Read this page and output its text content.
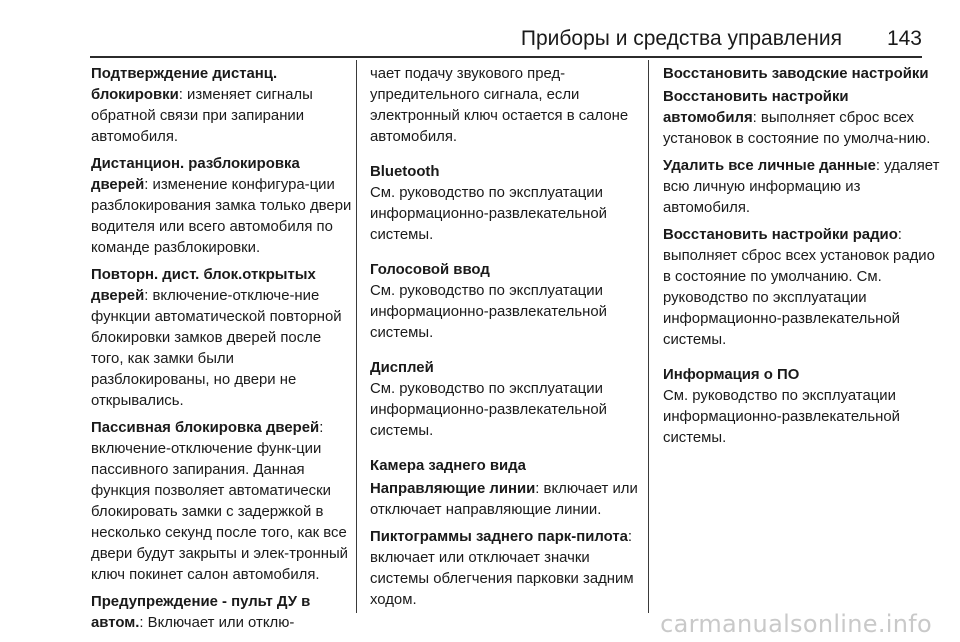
Приборы и средства управления 143

Подтверждение дистанц.
блокировки: изменяет сигналы обратной связи при запирании автомобиля.

Дистанцион. разблокировка
дверей: изменение конфигура-ции разблокирования замка только двери водителя или всего автомобиля по команде разблокировки.

Повторн. дист. блок.открытых
дверей: включение-отключе-ние функции автоматической повторной блокировки замков дверей после того, как замки были разблокированы, но двери не открывались.

Пассивная блокировка дверей: включение-отключение функ-ции пассивного запирания. Данная функция позволяет автоматически блокировать замки с задержкой в несколько секунд после того, как все двери будут закрыты и элек-тронный ключ покинет салон автомобиля.

Предупреждение - пульт ДУ в
автом.: Включает или отклю-

чает подачу звукового пред-упредительного сигнала, если электронный ключ остается в салоне автомобиля.

Bluetooth

См. руководство по эксплуатации информационно-развлекательной системы.

Голосовой ввод

См. руководство по эксплуатации информационно-развлекательной системы.

Дисплей

См. руководство по эксплуатации информационно-развлекательной системы.

Камера заднего вида

Направляющие линии: включает или отключает направляющие линии.

Пиктограммы заднего парк-пилота: включает или отключает значки системы облегчения парковки задним ходом.

Восстановить заводские настройки

Восстановить настройки автомобиля: выполняет сброс всех установок в состояние по умолча-нию.

Удалить все личные данные: удаляет всю личную информацию из автомобиля.

Восстановить настройки радио: выполняет сброс всех установок радио в состояние по умолчанию. См. руководство по эксплуатации информационно-развлекательной системы.

Информация о ПО

См. руководство по эксплуатации информационно-развлекательной системы.

carmanualsonline.info
